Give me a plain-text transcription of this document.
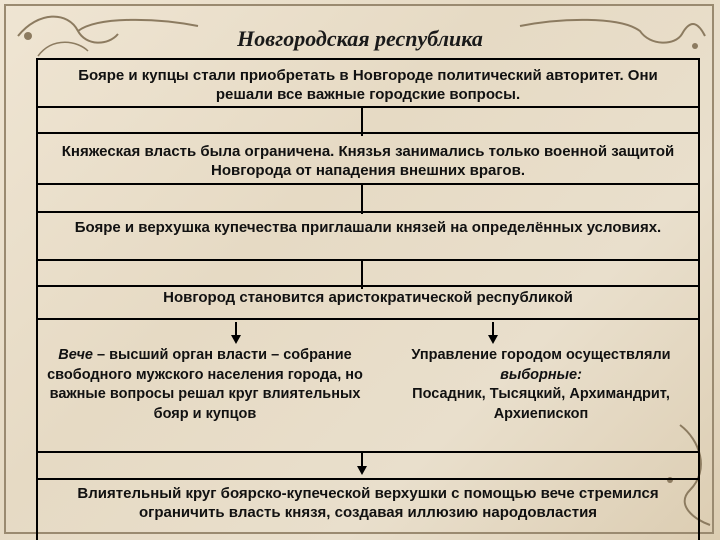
Новгородская республика
Бояре и купцы стали приобретать в Новгороде политический авторитет. Они решали все важные городские вопросы.
Княжеская власть была ограничена. Князья занимались только военной защитой Новгорода от нападения внешних врагов.
Бояре и верхушка купечества приглашали князей на определённых условиях.
Новгород становится аристократической республикой
Вече – высший орган власти – собрание свободного мужского населения города, но важные вопросы решал круг влиятельных бояр и купцов
Управление городом осуществляли выборные:
Посадник, Тысяцкий, Архимандрит, Архиепископ
Влиятельный круг боярско-купеческой верхушки с помощью вече стремился ограничить власть князя, создавая иллюзию народовластия
